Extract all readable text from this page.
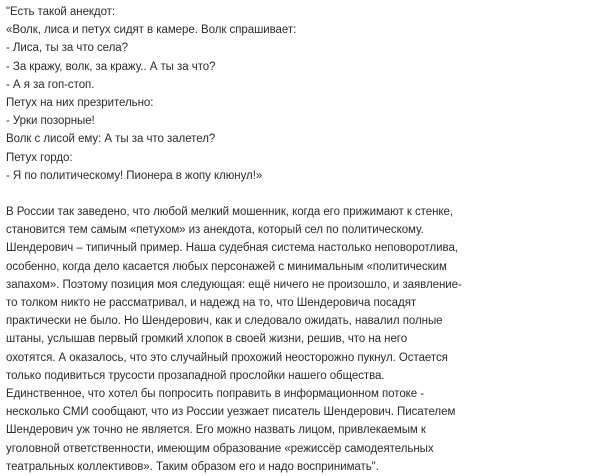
"Есть такой анекдот:
«Волк, лиса и петух сидят в камере. Волк спрашивает:
- Лиса, ты за что села?
- За кражу, волк, за кражу.. А ты за что?
- А я за гоп-стоп.
Петух на них презрительно:
- Урки позорные!
Волк с лисой ему: А ты за что залетел?
Петух гордо:
- Я по политическому! Пионера в жопу клюнул!»
В России так заведено, что любой мелкий мошенник, когда его прижимают к стенке,
становится тем самым «петухом» из анекдота, который сел по политическому.
Шендерович – типичный пример. Наша судебная система настолько неповоротлива,
особенно, когда дело касается любых персонажей с минимальным «политическим
запахом». Поэтому позиция моя следующая: ещё ничего не произошло, и заявление-
то толком никто не рассматривал, и надежд на то, что Шендеровича посадят
практически не было. Но Шендерович, как и следовало ожидать, навалил полные
штаны, услышав первый громкий хлопок в своей жизни, решив, что на него
охотятся. А оказалось, что это случайный прохожий неосторожно пукнул. Остается
только подивиться трусости прозападной прослойки нашего общества.
Единственное, что хотел бы попросить поправить в информационном потоке -
несколько СМИ сообщают, что из России уезжает писатель Шендерович. Писателем
Шендерович уж точно не является. Его можно назвать лицом, привлекаемым к
уголовной ответственности, имеющим образование «режиссёр самодеятельных
театральных коллективов». Таким образом его и надо воспринимать".
